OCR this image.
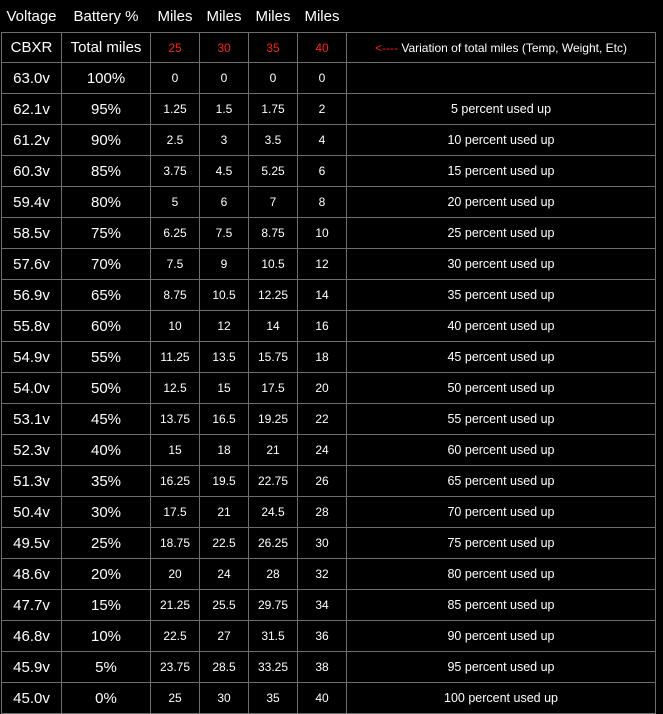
Voltage	Battery %	Miles	Miles	Miles	Miles	
CBXR	Total miles	25	30	35	40	<---- Variation of total miles (Temp, Weight, Etc)
63.0v	100%	0	0	0	0	
62.1v	95%	1.25	1.5	1.75	2	5 percent used up
61.2v	90%	2.5	3	3.5	4	10 percent used up
60.3v	85%	3.75	4.5	5.25	6	15 percent used up
59.4v	80%	5	6	7	8	20 percent used up
58.5v	75%	6.25	7.5	8.75	10	25 percent used up
57.6v	70%	7.5	9	10.5	12	30 percent used up
56.9v	65%	8.75	10.5	12.25	14	35 percent used up
55.8v	60%	10	12	14	16	40 percent used up
54.9v	55%	11.25	13.5	15.75	18	45 percent used up
54.0v	50%	12.5	15	17.5	20	50 percent used up
53.1v	45%	13.75	16.5	19.25	22	55 percent used up
52.3v	40%	15	18	21	24	60 percent used up
51.3v	35%	16.25	19.5	22.75	26	65 percent used up
50.4v	30%	17.5	21	24.5	28	70 percent used up
49.5v	25%	18.75	22.5	26.25	30	75 percent used up
48.6v	20%	20	24	28	32	80 percent used up
47.7v	15%	21.25	25.5	29.75	34	85 percent used up
46.8v	10%	22.5	27	31.5	36	90 percent used up
45.9v	5%	23.75	28.5	33.25	38	95 percent used up
45.0v	0%	25	30	35	40	100 percent used up
